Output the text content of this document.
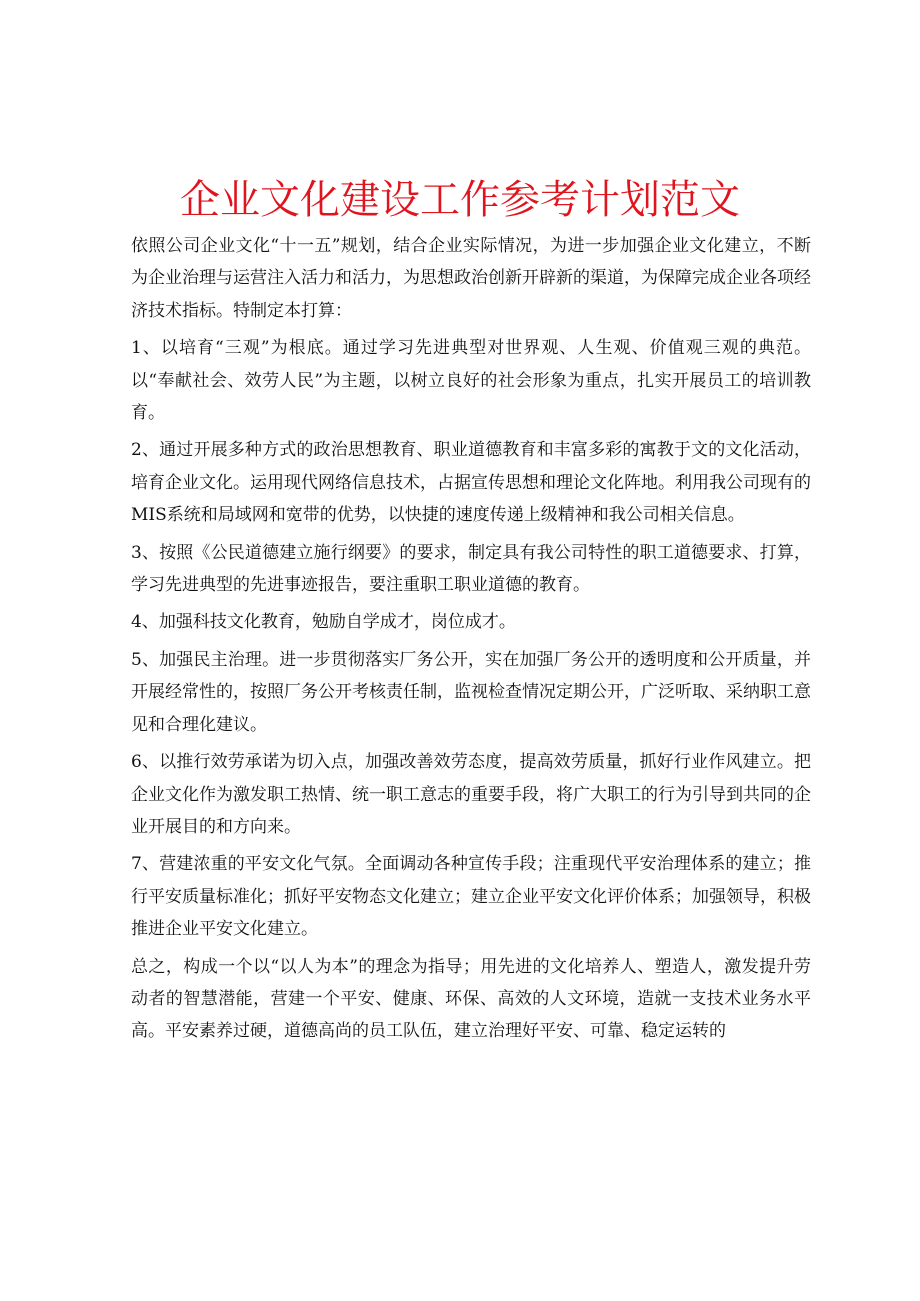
企业文化建设工作参考计划范文

依照公司企业文化“十一五”规划，结合企业实际情况，为进一步加强企业文化建立，不断为企业治理与运营注入活力和活力，为思想政治创新开辟新的渠道，为保障完成企业各项经济技术指标。特制定本打算：

1、以培育“三观”为根底。通过学习先进典型对世界观、人生观、价值观三观的典范。以“奉献社会、效劳人民”为主题，以树立良好的社会形象为重点，扎实开展员工的培训教育。

2、通过开展多种方式的政治思想教育、职业道德教育和丰富多彩的寓教于文的文化活动，培育企业文化。运用现代网络信息技术，占据宣传思想和理论文化阵地。利用我公司现有的MIS系统和局域网和宽带的优势，以快捷的速度传递上级精神和我公司相关信息。

3、按照《公民道德建立施行纲要》的要求，制定具有我公司特性的职工道德要求、打算，学习先进典型的先进事迹报告，要注重职工职业道德的教育。

4、加强科技文化教育，勉励自学成才，岗位成才。

5、加强民主治理。进一步贯彻落实厂务公开，实在加强厂务公开的透明度和公开质量，并开展经常性的，按照厂务公开考核责任制，监视检查情况定期公开，广泛听取、采纳职工意见和合理化建议。

6、以推行效劳承诺为切入点，加强改善效劳态度，提高效劳质量，抓好行业作风建立。把企业文化作为激发职工热情、统一职工意志的重要手段，将广大职工的行为引导到共同的企业开展目的和方向来。

7、营建浓重的平安文化气氛。全面调动各种宣传手段；注重现代平安治理体系的建立；推行平安质量标准化；抓好平安物态文化建立；建立企业平安文化评价体系；加强领导，积极推进企业平安文化建立。

总之，构成一个以“以人为本”的理念为指导；用先进的文化培养人、塑造人，激发提升劳动者的智慧潜能，营建一个平安、健康、环保、高效的人文环境，造就一支技术业务水平高。平安素养过硬，道德高尚的员工队伍，建立治理好平安、可靠、稳定运转的
